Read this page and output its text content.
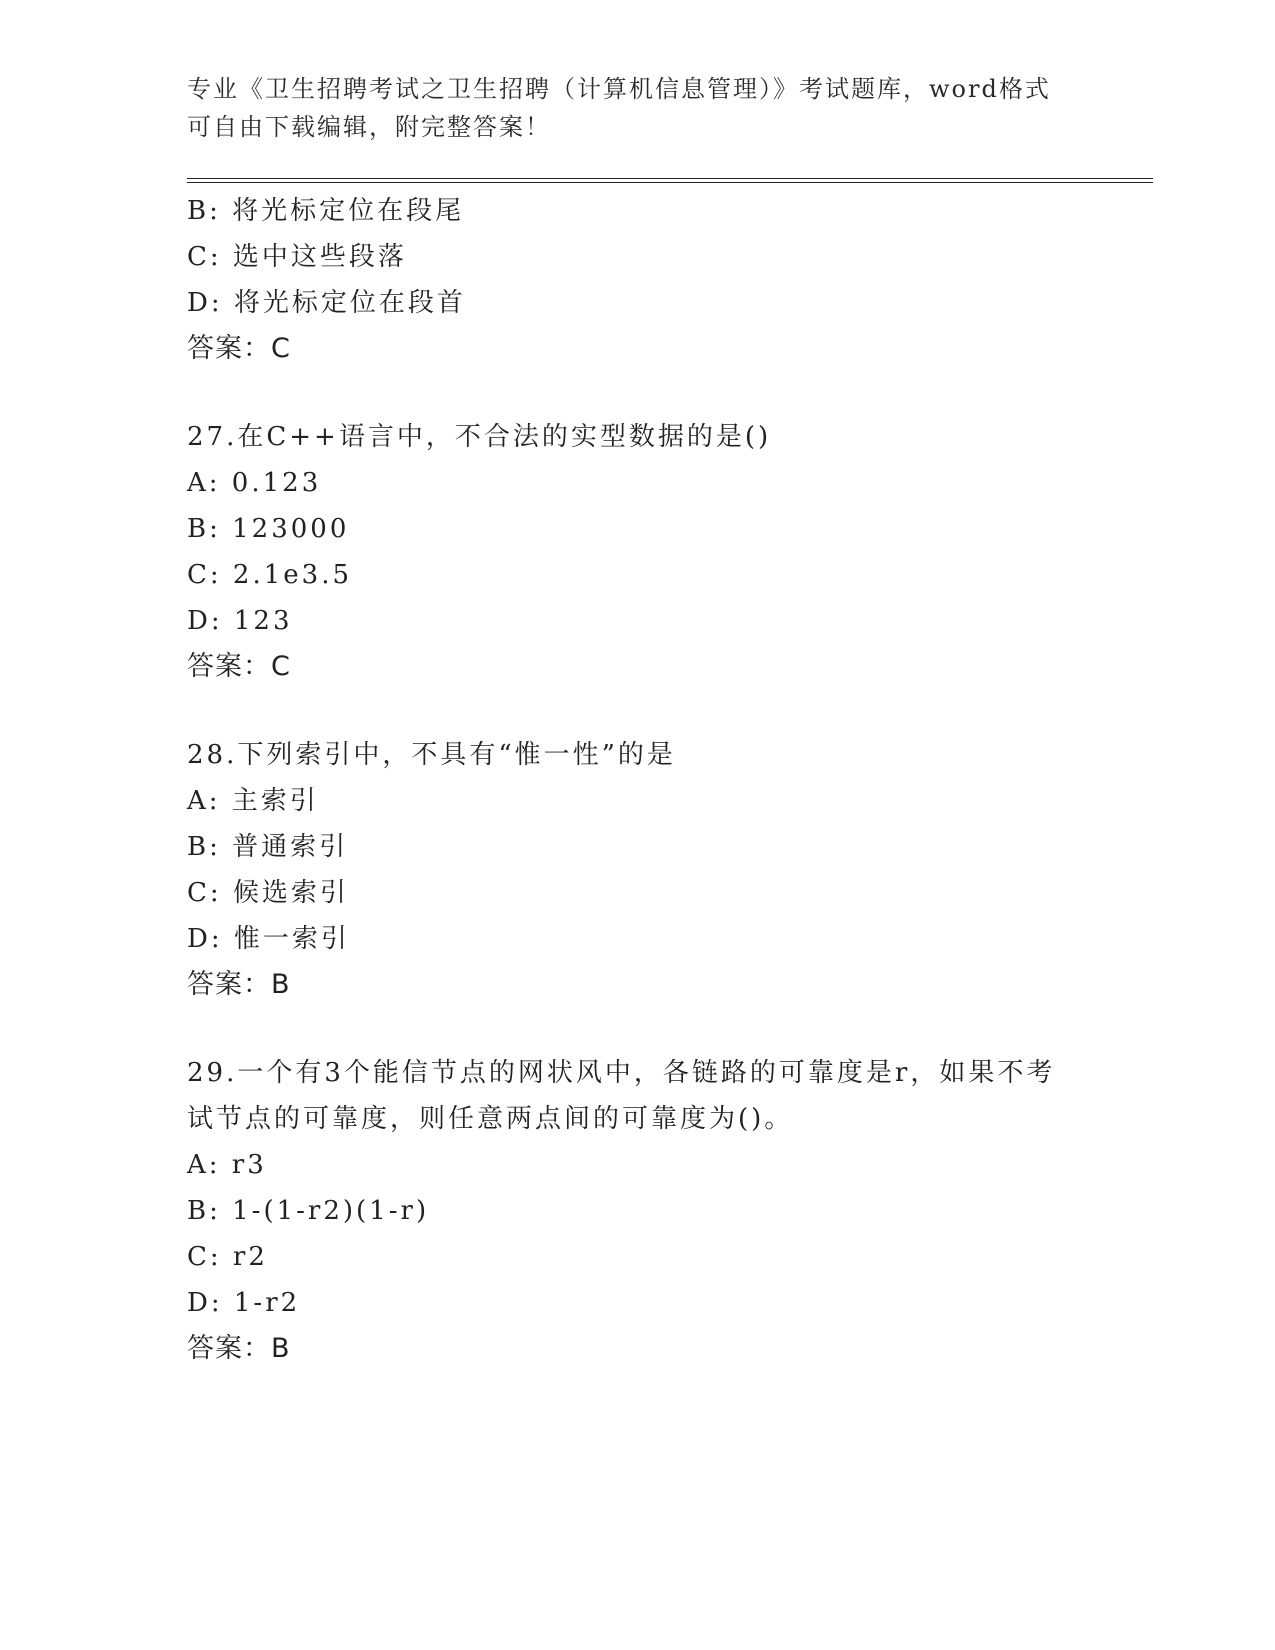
专业《卫生招聘考试之卫生招聘（计算机信息管理）》考试题库，word格式可自由下载编辑，附完整答案！
B: 将光标定位在段尾
C: 选中这些段落
D: 将光标定位在段首
答案：C
27.在C++语言中，不合法的实型数据的是()
A: 0.123
B: 123000
C: 2.1e3.5
D: 123
答案：C
28.下列索引中，不具有“惟一性”的是
A: 主索引
B: 普通索引
C: 候选索引
D: 惟一索引
答案：B
29.一个有3个能信节点的网状风中，各链路的可靠度是r，如果不考试节点的可靠度，则任意两点间的可靠度为()。
A: r3
B: 1-(1-r2)(1-r)
C: r2
D: 1-r2
答案：B
